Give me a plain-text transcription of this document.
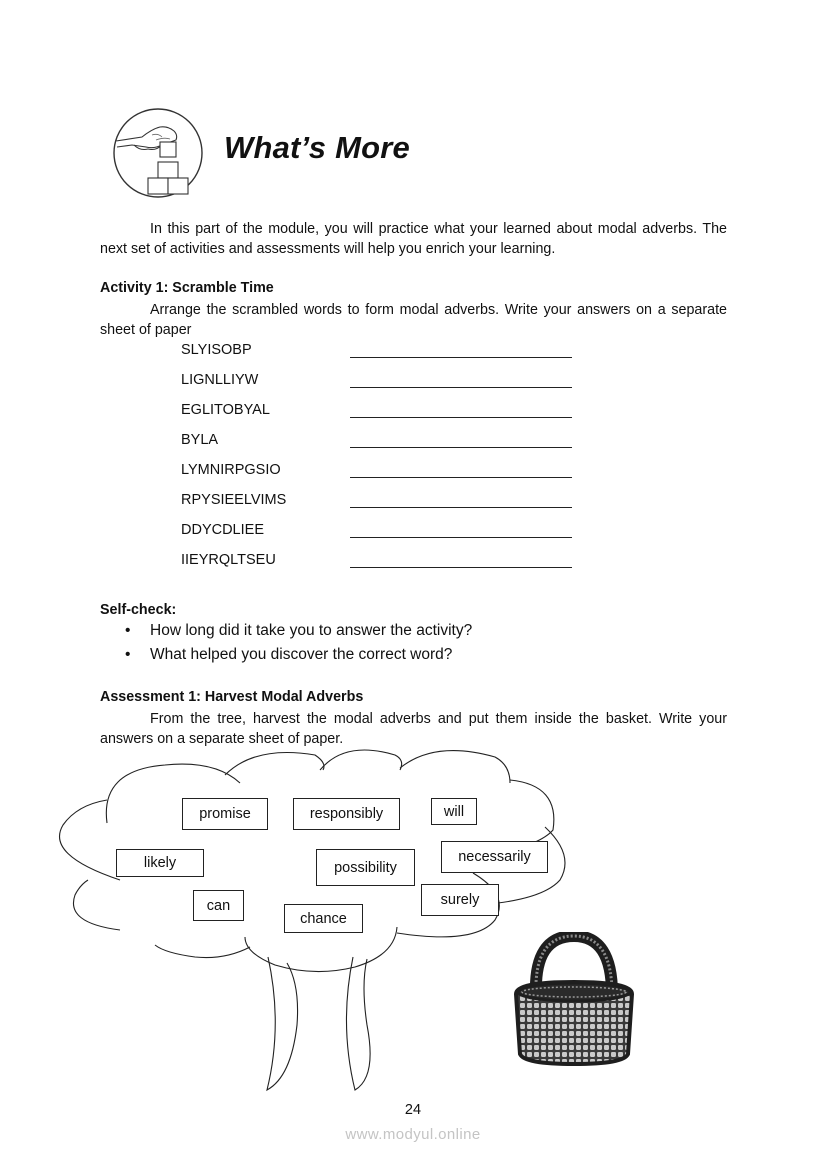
What’s More
In this part of the module, you will practice what your learned about modal adverbs. The next set of activities and assessments will help you enrich your learning.
Activity 1: Scramble Time
Arrange the scrambled words to form modal adverbs. Write your answers on a separate sheet of paper
SLYISOBP
LIGNLLIYW
EGLITOBYAL
BYLA
LYMNIRPGSIO
RPYSIEELVIMS
DDYCDLIEE
IIEYRQLTSEU
Self-check:
• How long did it take you to answer the activity?
• What helped you discover the correct word?
Assessment 1: Harvest Modal Adverbs
From the tree, harvest the modal adverbs and put them inside the basket. Write your answers on a separate sheet of paper.
promise	responsibly	will
likely	possibility
necessarily
can
chance
surely
24
www.modyul.online
